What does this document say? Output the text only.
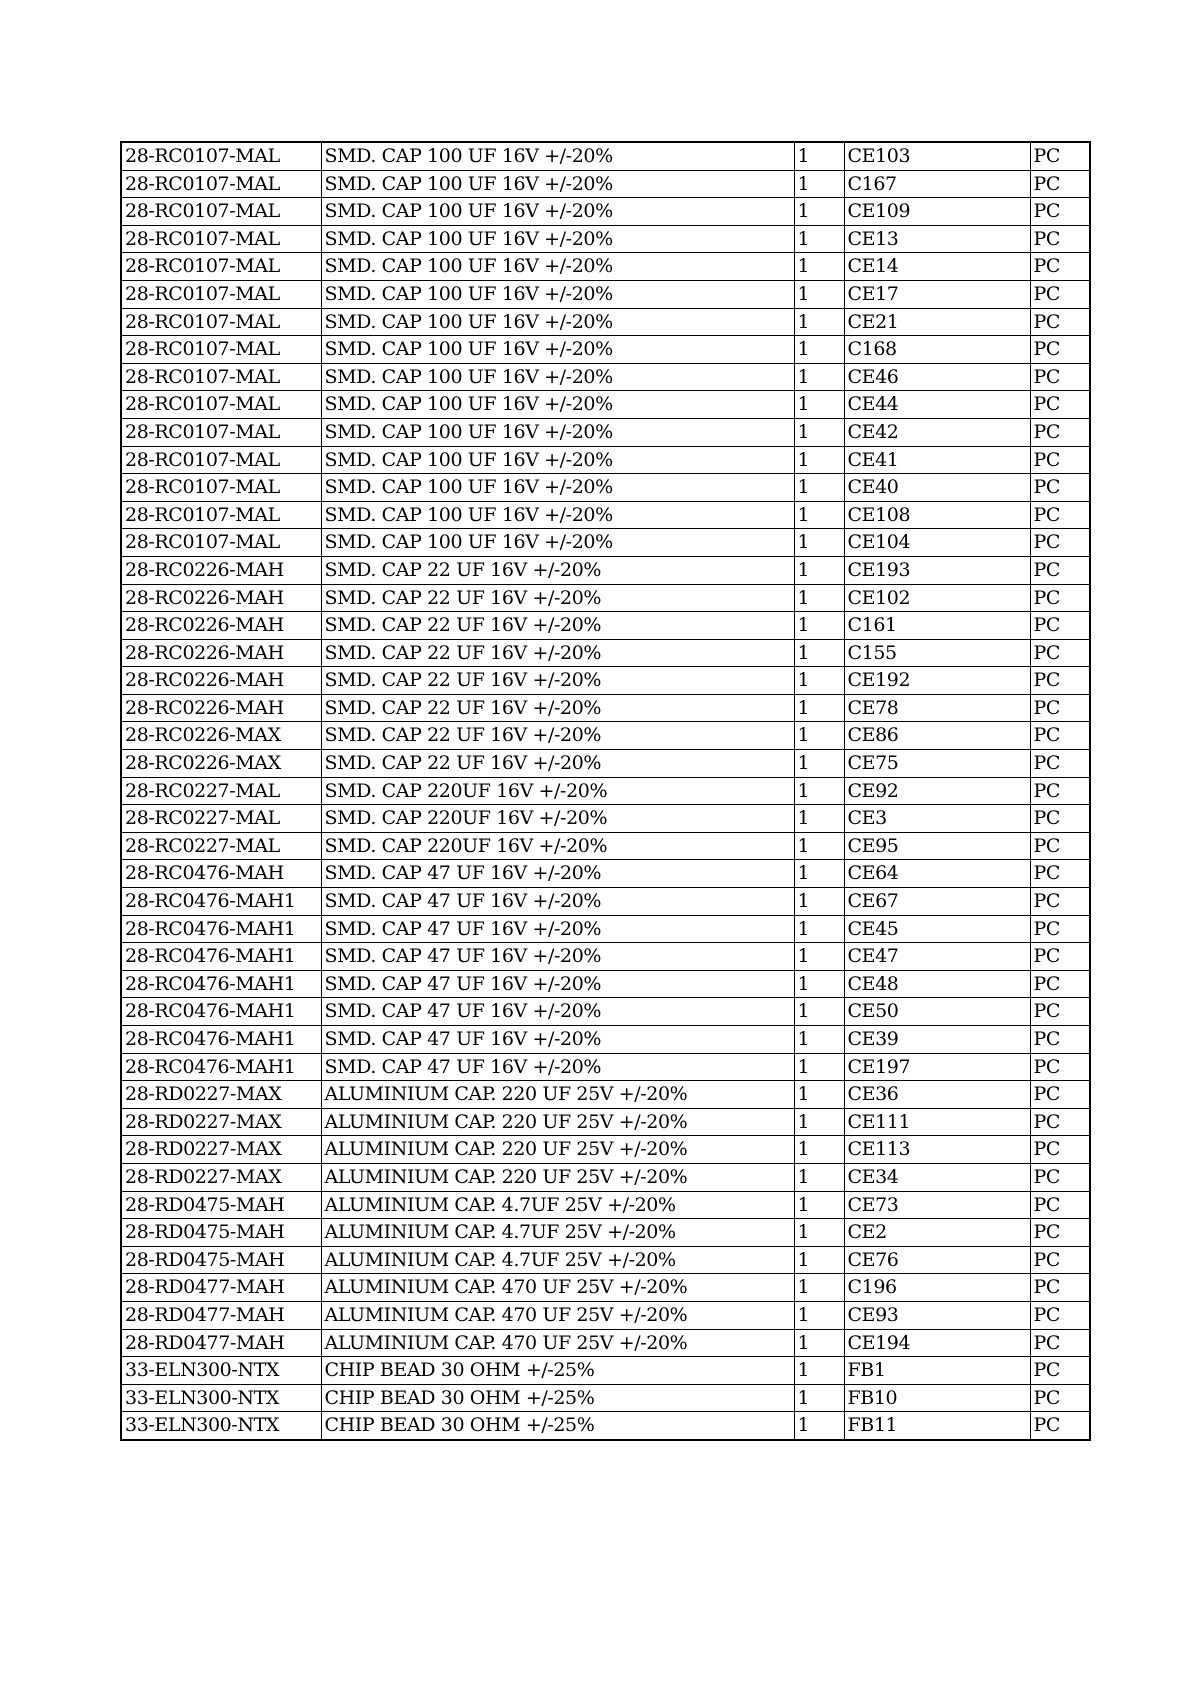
28-RC0107-MAL	SMD. CAP 100 UF 16V +/-20%	1	CE103	PC
28-RC0107-MAL	SMD. CAP 100 UF 16V +/-20%	1	C167	PC
28-RC0107-MAL	SMD. CAP 100 UF 16V +/-20%	1	CE109	PC
28-RC0107-MAL	SMD. CAP 100 UF 16V +/-20%	1	CE13	PC
28-RC0107-MAL	SMD. CAP 100 UF 16V +/-20%	1	CE14	PC
28-RC0107-MAL	SMD. CAP 100 UF 16V +/-20%	1	CE17	PC
28-RC0107-MAL	SMD. CAP 100 UF 16V +/-20%	1	CE21	PC
28-RC0107-MAL	SMD. CAP 100 UF 16V +/-20%	1	C168	PC
28-RC0107-MAL	SMD. CAP 100 UF 16V +/-20%	1	CE46	PC
28-RC0107-MAL	SMD. CAP 100 UF 16V +/-20%	1	CE44	PC
28-RC0107-MAL	SMD. CAP 100 UF 16V +/-20%	1	CE42	PC
28-RC0107-MAL	SMD. CAP 100 UF 16V +/-20%	1	CE41	PC
28-RC0107-MAL	SMD. CAP 100 UF 16V +/-20%	1	CE40	PC
28-RC0107-MAL	SMD. CAP 100 UF 16V +/-20%	1	CE108	PC
28-RC0107-MAL	SMD. CAP 100 UF 16V +/-20%	1	CE104	PC
28-RC0226-MAH	SMD. CAP 22 UF 16V +/-20%	1	CE193	PC
28-RC0226-MAH	SMD. CAP 22 UF 16V +/-20%	1	CE102	PC
28-RC0226-MAH	SMD. CAP 22 UF 16V +/-20%	1	C161	PC
28-RC0226-MAH	SMD. CAP 22 UF 16V +/-20%	1	C155	PC
28-RC0226-MAH	SMD. CAP 22 UF 16V +/-20%	1	CE192	PC
28-RC0226-MAH	SMD. CAP 22 UF 16V +/-20%	1	CE78	PC
28-RC0226-MAX	SMD. CAP 22 UF 16V +/-20%	1	CE86	PC
28-RC0226-MAX	SMD. CAP 22 UF 16V +/-20%	1	CE75	PC
28-RC0227-MAL	SMD. CAP 220UF 16V +/-20%	1	CE92	PC
28-RC0227-MAL	SMD. CAP 220UF 16V +/-20%	1	CE3	PC
28-RC0227-MAL	SMD. CAP 220UF 16V +/-20%	1	CE95	PC
28-RC0476-MAH	SMD. CAP 47 UF 16V +/-20%	1	CE64	PC
28-RC0476-MAH1	SMD. CAP 47 UF 16V +/-20%	1	CE67	PC
28-RC0476-MAH1	SMD. CAP 47 UF 16V +/-20%	1	CE45	PC
28-RC0476-MAH1	SMD. CAP 47 UF 16V +/-20%	1	CE47	PC
28-RC0476-MAH1	SMD. CAP 47 UF 16V +/-20%	1	CE48	PC
28-RC0476-MAH1	SMD. CAP 47 UF 16V +/-20%	1	CE50	PC
28-RC0476-MAH1	SMD. CAP 47 UF 16V +/-20%	1	CE39	PC
28-RC0476-MAH1	SMD. CAP 47 UF 16V +/-20%	1	CE197	PC
28-RD0227-MAX	ALUMINIUM CAP. 220 UF 25V +/-20%	1	CE36	PC
28-RD0227-MAX	ALUMINIUM CAP. 220 UF 25V +/-20%	1	CE111	PC
28-RD0227-MAX	ALUMINIUM CAP. 220 UF 25V +/-20%	1	CE113	PC
28-RD0227-MAX	ALUMINIUM CAP. 220 UF 25V +/-20%	1	CE34	PC
28-RD0475-MAH	ALUMINIUM CAP. 4.7UF 25V +/-20%	1	CE73	PC
28-RD0475-MAH	ALUMINIUM CAP. 4.7UF 25V +/-20%	1	CE2	PC
28-RD0475-MAH	ALUMINIUM CAP. 4.7UF 25V +/-20%	1	CE76	PC
28-RD0477-MAH	ALUMINIUM CAP. 470 UF 25V +/-20%	1	C196	PC
28-RD0477-MAH	ALUMINIUM CAP. 470 UF 25V +/-20%	1	CE93	PC
28-RD0477-MAH	ALUMINIUM CAP. 470 UF 25V +/-20%	1	CE194	PC
33-ELN300-NTX	CHIP BEAD 30 OHM +/-25%	1	FB1	PC
33-ELN300-NTX	CHIP BEAD 30 OHM +/-25%	1	FB10	PC
33-ELN300-NTX	CHIP BEAD 30 OHM +/-25%	1	FB11	PC
